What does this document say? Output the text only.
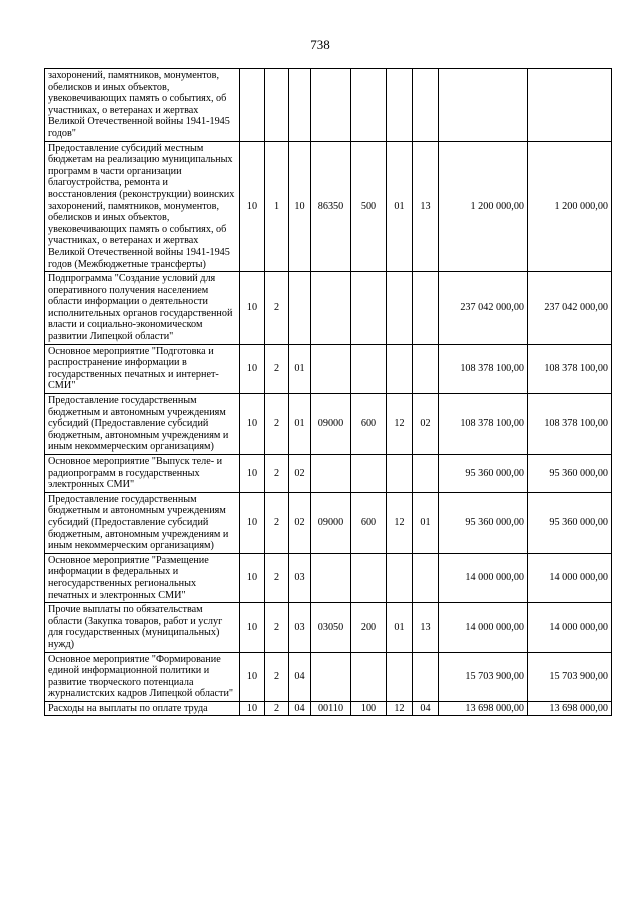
738
захоронений, памятников, монументов, обелисков и иных объектов, увековечивающих память о событиях, об участниках, о ветеранах и жертвах Великой Отечественной войны 1941-1945 годов"									
Предоставление субсидий местным бюджетам на реализацию муниципальных программ в части организации благоустройства, ремонта и восстановления (реконструкции) воинских захоронений, памятников, монументов, обелисков и иных объектов, увековечивающих память о событиях, об участниках, о ветеранах и жертвах Великой Отечественной войны 1941-1945 годов (Межбюджетные трансферты)	10	1	10	86350	500	01	13	1 200 000,00	1 200 000,00
Подпрограмма "Создание условий для оперативного получения населением области информации о деятельности исполнительных органов государственной власти и социально-экономическом развитии Липецкой области"	10	2						237 042 000,00	237 042 000,00
Основное мероприятие "Подготовка и распространение информации в государственных печатных и интернет-СМИ"	10	2	01					108 378 100,00	108 378 100,00
Предоставление государственным бюджетным и автономным учреждениям субсидий (Предоставление субсидий бюджетным, автономным учреждениям и иным некоммерческим организациям)	10	2	01	09000	600	12	02	108 378 100,00	108 378 100,00
Основное мероприятие "Выпуск теле- и радиопрограмм в государственных электронных СМИ"	10	2	02					95 360 000,00	95 360 000,00
Предоставление государственным бюджетным и автономным учреждениям субсидий (Предоставление субсидий бюджетным, автономным учреждениям и иным некоммерческим организациям)	10	2	02	09000	600	12	01	95 360 000,00	95 360 000,00
Основное мероприятие "Размещение информации в федеральных и негосударственных региональных печатных и электронных СМИ"	10	2	03					14 000 000,00	14 000 000,00
Прочие выплаты по обязательствам области (Закупка товаров, работ и услуг для государственных (муниципальных) нужд)	10	2	03	03050	200	01	13	14 000 000,00	14 000 000,00
Основное мероприятие "Формирование единой информационной политики и развитие творческого потенциала журналистских кадров Липецкой области"	10	2	04					15 703 900,00	15 703 900,00
Расходы на выплаты по оплате труда	10	2	04	00110	100	12	04	13 698 000,00	13 698 000,00
